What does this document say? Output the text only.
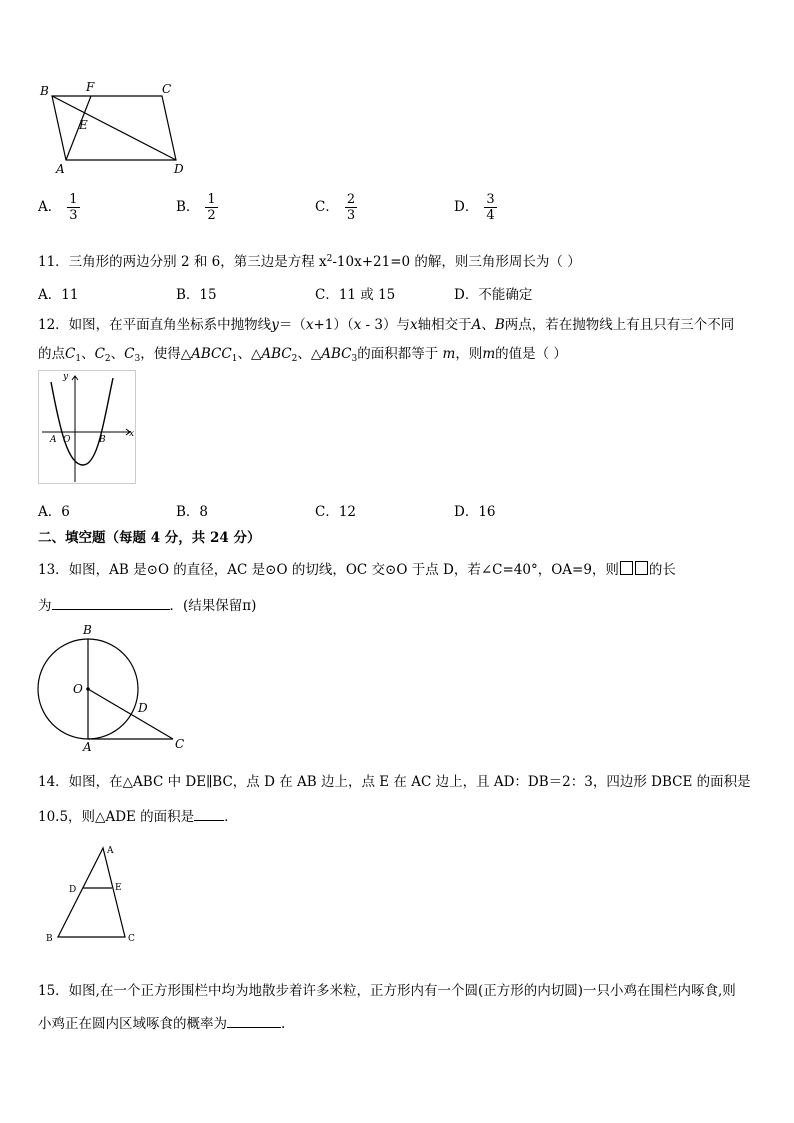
B	F	C
E
A	D
A． $\frac{1}{3}$	B． $\frac{1}{2}$	C． $\frac{2}{3}$	D． $\frac{3}{4}$
11．三角形的两边分别 2 和 6，第三边是方程 $x^2-10x+21=0$ 的解，则三角形周长为（ ）
A．11	B．15	C．11 或 15	D．不能确定
12．如图，在平面直角坐标系中抛物线y＝（x+1）（x - 3）与x轴相交于A、B两点，若在抛物线上有且只有三个不同
的点$C_1$、$C_2$、$C_3$，使得$\triangle ABCC_1$、$\triangle ABC_2$、$\triangle ABC_3$的面积都等于 m，则m的值是（ ）
y
x
A O	B
A．6	B．8	C．12	D．16
二、填空题（每题 4 分，共 24 分）
13．如图，AB 是⊙O 的直径，AC 是⊙O 的切线，OC 交⊙O 于点 D，若∠C=40°，OA=9，则 的长
为	．(结果保留π)
B
O
D
A	C
14．如图，在△ABC 中 DE∥BC，点 D 在 AB 边上，点 E 在 AC 边上，且 AD：DB＝2：3，四边形 DBCE 的面积是
10.5，则△ADE 的面积是 ．
A
D	E
B	C
15．如图,在一个正方形围栏中均为地散步着许多米粒，正方形内有一个圆(正方形的内切圆)一只小鸡在围栏内啄食,则
小鸡正在圆内区域啄食的概率为	.
